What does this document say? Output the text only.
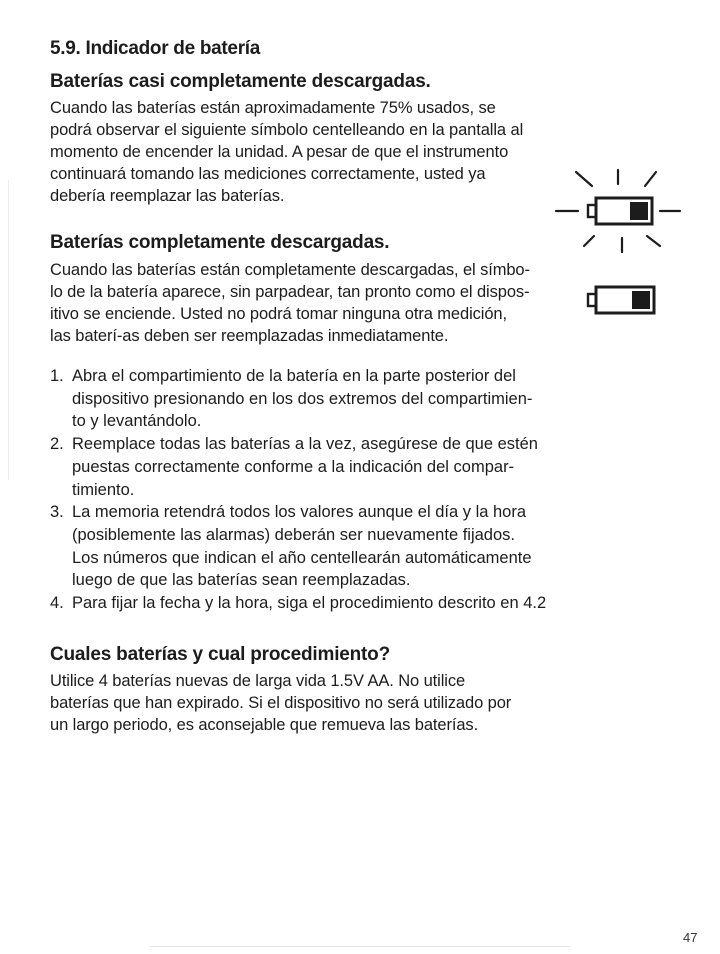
5.9. Indicador de batería
Baterías casi completamente descargadas.
Cuando las baterías están aproximadamente 75% usados, se
podrá observar el siguiente símbolo centelleando en la pantalla al
momento de encender la unidad. A pesar de que el instrumento
continuará tomando las mediciones correctamente, usted ya
debería reemplazar las baterías.
Baterías completamente descargadas.
Cuando las baterías están completamente descargadas, el símbo-
lo de la batería aparece, sin parpadear, tan pronto como el dispos-
itivo se enciende. Usted no podrá tomar ninguna otra medición,
las baterí-as deben ser reemplazadas inmediatamente.
1. Abra el compartimiento de la batería en la parte posterior del
dispositivo presionando en los dos extremos del compartimien-
to y levantándolo.
2. Reemplace todas las baterías a la vez, asegúrese de que estén
puestas correctamente conforme a la indicación del compar-
timiento.
3. La memoria retendrá todos los valores aunque el día y la hora
(posiblemente las alarmas) deberán ser nuevamente fijados.
Los números que indican el año centellearán automáticamente
luego de que las baterías sean reemplazadas.
4. Para fijar la fecha y la hora, siga el procedimiento descrito en 4.2
Cuales baterías y cual procedimiento?
Utilice 4 baterías nuevas de larga vida 1.5V AA. No utilice
baterías que han expirado. Si el dispositivo no será utilizado por
un largo periodo, es aconsejable que remueva las baterías.
47
